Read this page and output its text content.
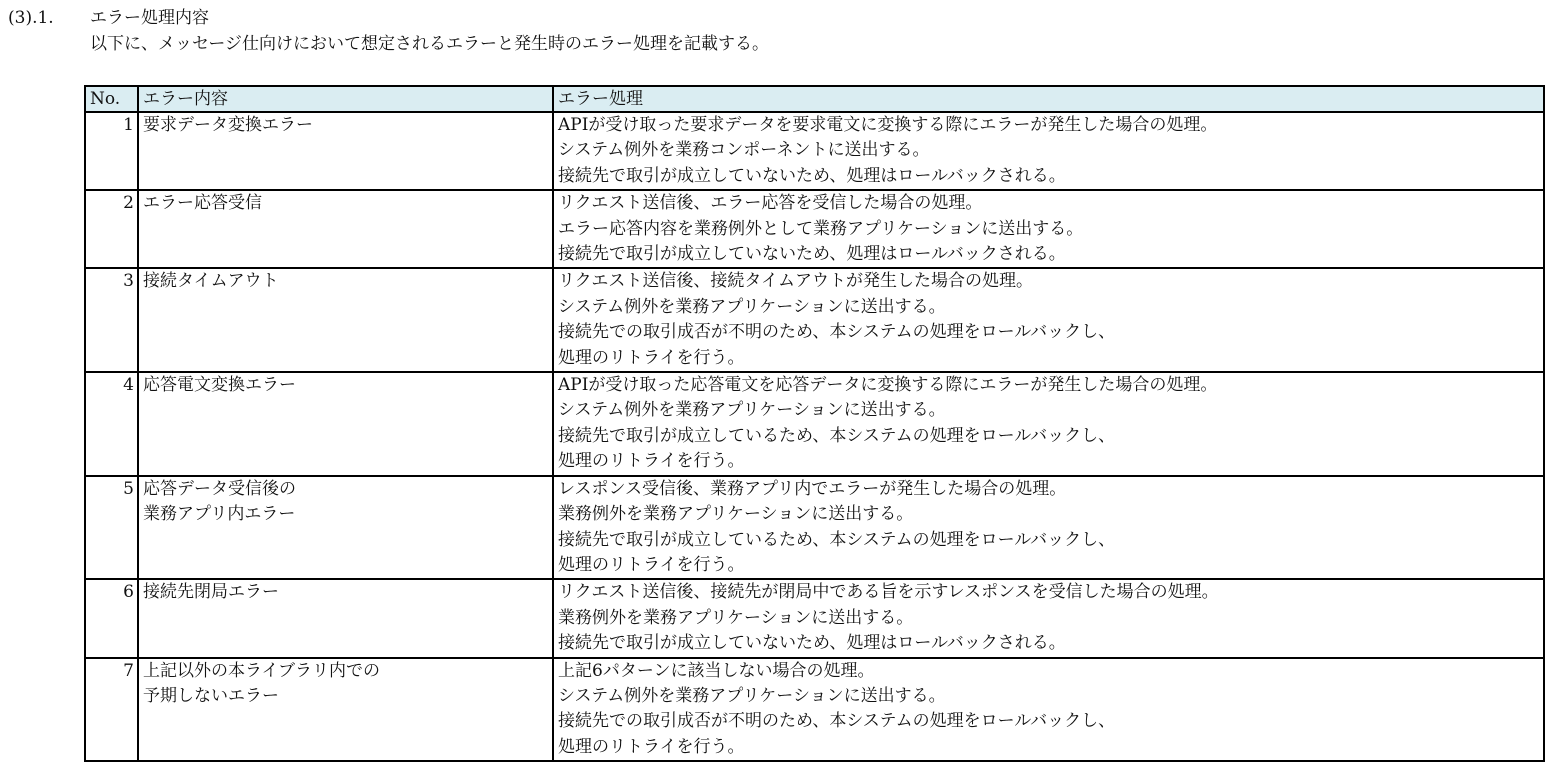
(3).1. エラー処理内容
以下に、メッセージ仕向けにおいて想定されるエラーと発生時のエラー処理を記載する。
No.	エラー内容	エラー処理
1	要求データ変換エラー	APIが受け取った要求データを要求電文に変換する際にエラーが発生した場合の処理。
システム例外を業務コンポーネントに送出する。
接続先で取引が成立していないため、処理はロールバックされる。

2	エラー応答受信	リクエスト送信後、エラー応答を受信した場合の処理。
エラー応答内容を業務例外として業務アプリケーションに送出する。
接続先で取引が成立していないため、処理はロールバックされる。

3	接続タイムアウト	リクエスト送信後、接続タイムアウトが発生した場合の処理。
システム例外を業務アプリケーションに送出する。
接続先での取引成否が不明のため、本システムの処理をロールバックし、
処理のリトライを行う。

4	応答電文変換エラー	APIが受け取った応答電文を応答データに変換する際にエラーが発生した場合の処理。
システム例外を業務アプリケーションに送出する。
接続先で取引が成立しているため、本システムの処理をロールバックし、
処理のリトライを行う。

5	応答データ受信後の
業務アプリ内エラー	レスポンス受信後、業務アプリ内でエラーが発生した場合の処理。
業務例外を業務アプリケーションに送出する。
接続先で取引が成立しているため、本システムの処理をロールバックし、
処理のリトライを行う。

6	接続先閉局エラー	リクエスト送信後、接続先が閉局中である旨を示すレスポンスを受信した場合の処理。
業務例外を業務アプリケーションに送出する。
接続先で取引が成立していないため、処理はロールバックされる。

7	上記以外の本ライブラリ内での
予期しないエラー	上記6パターンに該当しない場合の処理。
システム例外を業務アプリケーションに送出する。
接続先での取引成否が不明のため、本システムの処理をロールバックし、
処理のリトライを行う。
